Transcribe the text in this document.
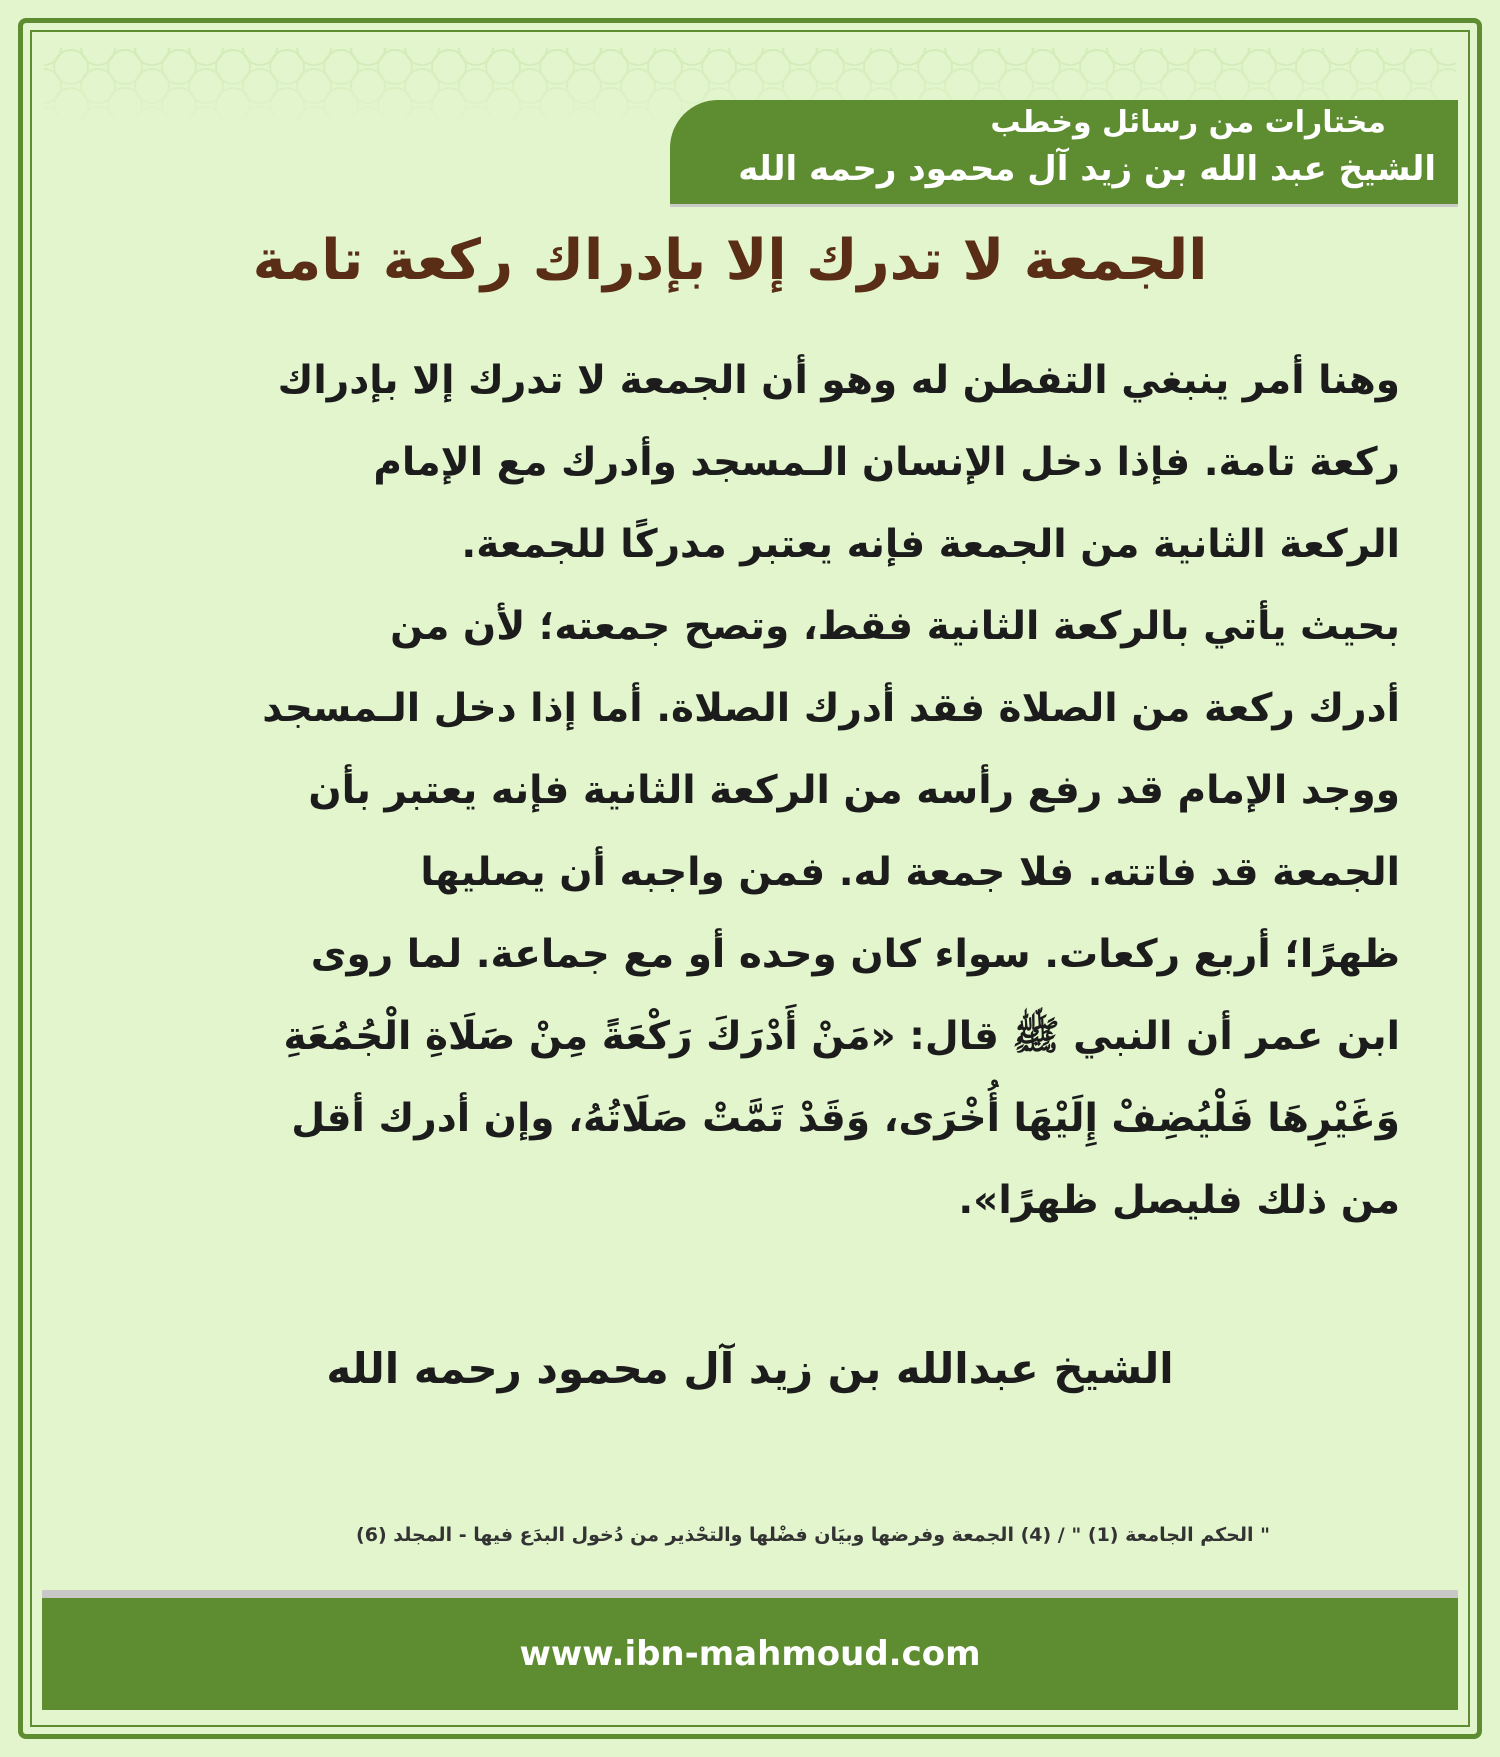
مختارات من رسائل وخطب
الشيخ عبد الله بن زيد آل محمود رحمه الله
الجمعة لا تدرك إلا بإدراك ركعة تامة
وهنا أمر ينبغي التفطن له وهو أن الجمعة لا تدرك إلا بإدراك
ركعة تامة. فإذا دخل الإنسان الـمسجد وأدرك مع الإمام
الركعة الثانية من الجمعة فإنه يعتبر مدركًا للجمعة.
بحيث يأتي بالركعة الثانية فقط، وتصح جمعته؛ لأن من
أدرك ركعة من الصلاة فقد أدرك الصلاة. أما إذا دخل الـمسجد
ووجد الإمام قد رفع رأسه من الركعة الثانية فإنه يعتبر بأن
الجمعة قد فاتته. فلا جمعة له. فمن واجبه أن يصليها
ظهرًا؛ أربع ركعات. سواء كان وحده أو مع جماعة. لما روى
ابن عمر أن النبي ﷺ قال: «مَنْ أَدْرَكَ رَكْعَةً مِنْ صَلَاةِ الْجُمُعَةِ
وَغَيْرِهَا فَلْيُضِفْ إِلَيْهَا أُخْرَى، وَقَدْ تَمَّتْ صَلَاتُهُ، وإن أدرك أقل
من ذلك فليصل ظهرًا».
الشيخ عبدالله بن زيد آل محمود رحمه الله
" الحكم الجامعة (1) " / (4) الجمعة وفرضها وبيَان فضْلها والتحْذير من دُخول البدَع فيها - المجلد (6)
www.ibn-mahmoud.com
